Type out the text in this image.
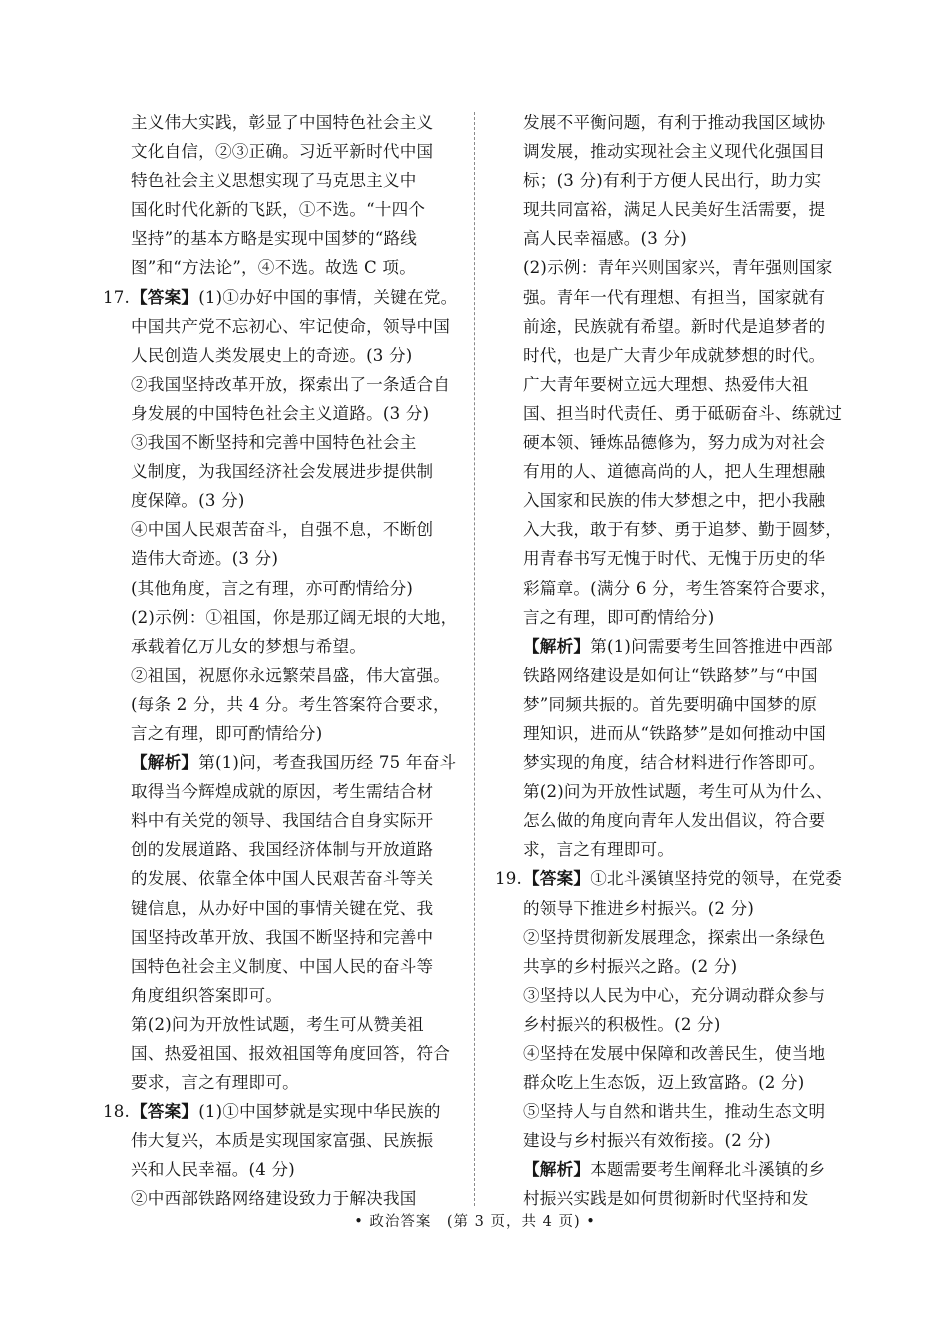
主义伟大实践，彰显了中国特色社会主义
文化自信，②③正确。习近平新时代中国
特色社会主义思想实现了马克思主义中
国化时代化新的飞跃，①不选。“十四个
坚持”的基本方略是实现中国梦的“路线
图”和“方法论”，④不选。故选 C 项。
17. 【答案】(1)①办好中国的事情，关键在党。
中国共产党不忘初心、牢记使命，领导中国
人民创造人类发展史上的奇迹。(3 分)
②我国坚持改革开放，探索出了一条适合自
身发展的中国特色社会主义道路。(3 分)
③我国不断坚持和完善中国特色社会主
义制度，为我国经济社会发展进步提供制
度保障。(3 分)
④中国人民艰苦奋斗，自强不息，不断创
造伟大奇迹。(3 分)
(其他角度，言之有理，亦可酌情给分)
(2)示例：①祖国，你是那辽阔无垠的大地，
承载着亿万儿女的梦想与希望。
②祖国，祝愿你永远繁荣昌盛，伟大富强。
(每条 2 分，共 4 分。考生答案符合要求，
言之有理，即可酌情给分)
【解析】第(1)问，考查我国历经 75 年奋斗
取得当今辉煌成就的原因，考生需结合材
料中有关党的领导、我国结合自身实际开
创的发展道路、我国经济体制与开放道路
的发展、依靠全体中国人民艰苦奋斗等关
键信息，从办好中国的事情关键在党、我
国坚持改革开放、我国不断坚持和完善中
国特色社会主义制度、中国人民的奋斗等
角度组织答案即可。
第(2)问为开放性试题，考生可从赞美祖
国、热爱祖国、报效祖国等角度回答，符合
要求，言之有理即可。
18. 【答案】(1)①中国梦就是实现中华民族的
伟大复兴，本质是实现国家富强、民族振
兴和人民幸福。(4 分)
②中西部铁路网络建设致力于解决我国
发展不平衡问题，有利于推动我国区域协
调发展，推动实现社会主义现代化强国目
标；(3 分)有利于方便人民出行，助力实
现共同富裕，满足人民美好生活需要，提
高人民幸福感。(3 分)
(2)示例：青年兴则国家兴，青年强则国家
强。青年一代有理想、有担当，国家就有
前途，民族就有希望。新时代是追梦者的
时代，也是广大青少年成就梦想的时代。
广大青年要树立远大理想、热爱伟大祖
国、担当时代责任、勇于砥砺奋斗、练就过
硬本领、锤炼品德修为，努力成为对社会
有用的人、道德高尚的人，把人生理想融
入国家和民族的伟大梦想之中，把小我融
入大我，敢于有梦、勇于追梦、勤于圆梦，
用青春书写无愧于时代、无愧于历史的华
彩篇章。(满分 6 分，考生答案符合要求，
言之有理，即可酌情给分)
【解析】第(1)问需要考生回答推进中西部
铁路网络建设是如何让“铁路梦”与“中国
梦”同频共振的。首先要明确中国梦的原
理知识，进而从“铁路梦”是如何推动中国
梦实现的角度，结合材料进行作答即可。
第(2)问为开放性试题，考生可从为什么、
怎么做的角度向青年人发出倡议，符合要
求，言之有理即可。
19. 【答案】①北斗溪镇坚持党的领导，在党委
的领导下推进乡村振兴。(2 分)
②坚持贯彻新发展理念，探索出一条绿色
共享的乡村振兴之路。(2 分)
③坚持以人民为中心，充分调动群众参与
乡村振兴的积极性。(2 分)
④坚持在发展中保障和改善民生，使当地
群众吃上生态饭，迈上致富路。(2 分)
⑤坚持人与自然和谐共生，推动生态文明
建设与乡村振兴有效衔接。(2 分)
【解析】本题需要考生阐释北斗溪镇的乡
村振兴实践是如何贯彻新时代坚持和发
• 政治答案　(第 3 页，共 4 页) •
